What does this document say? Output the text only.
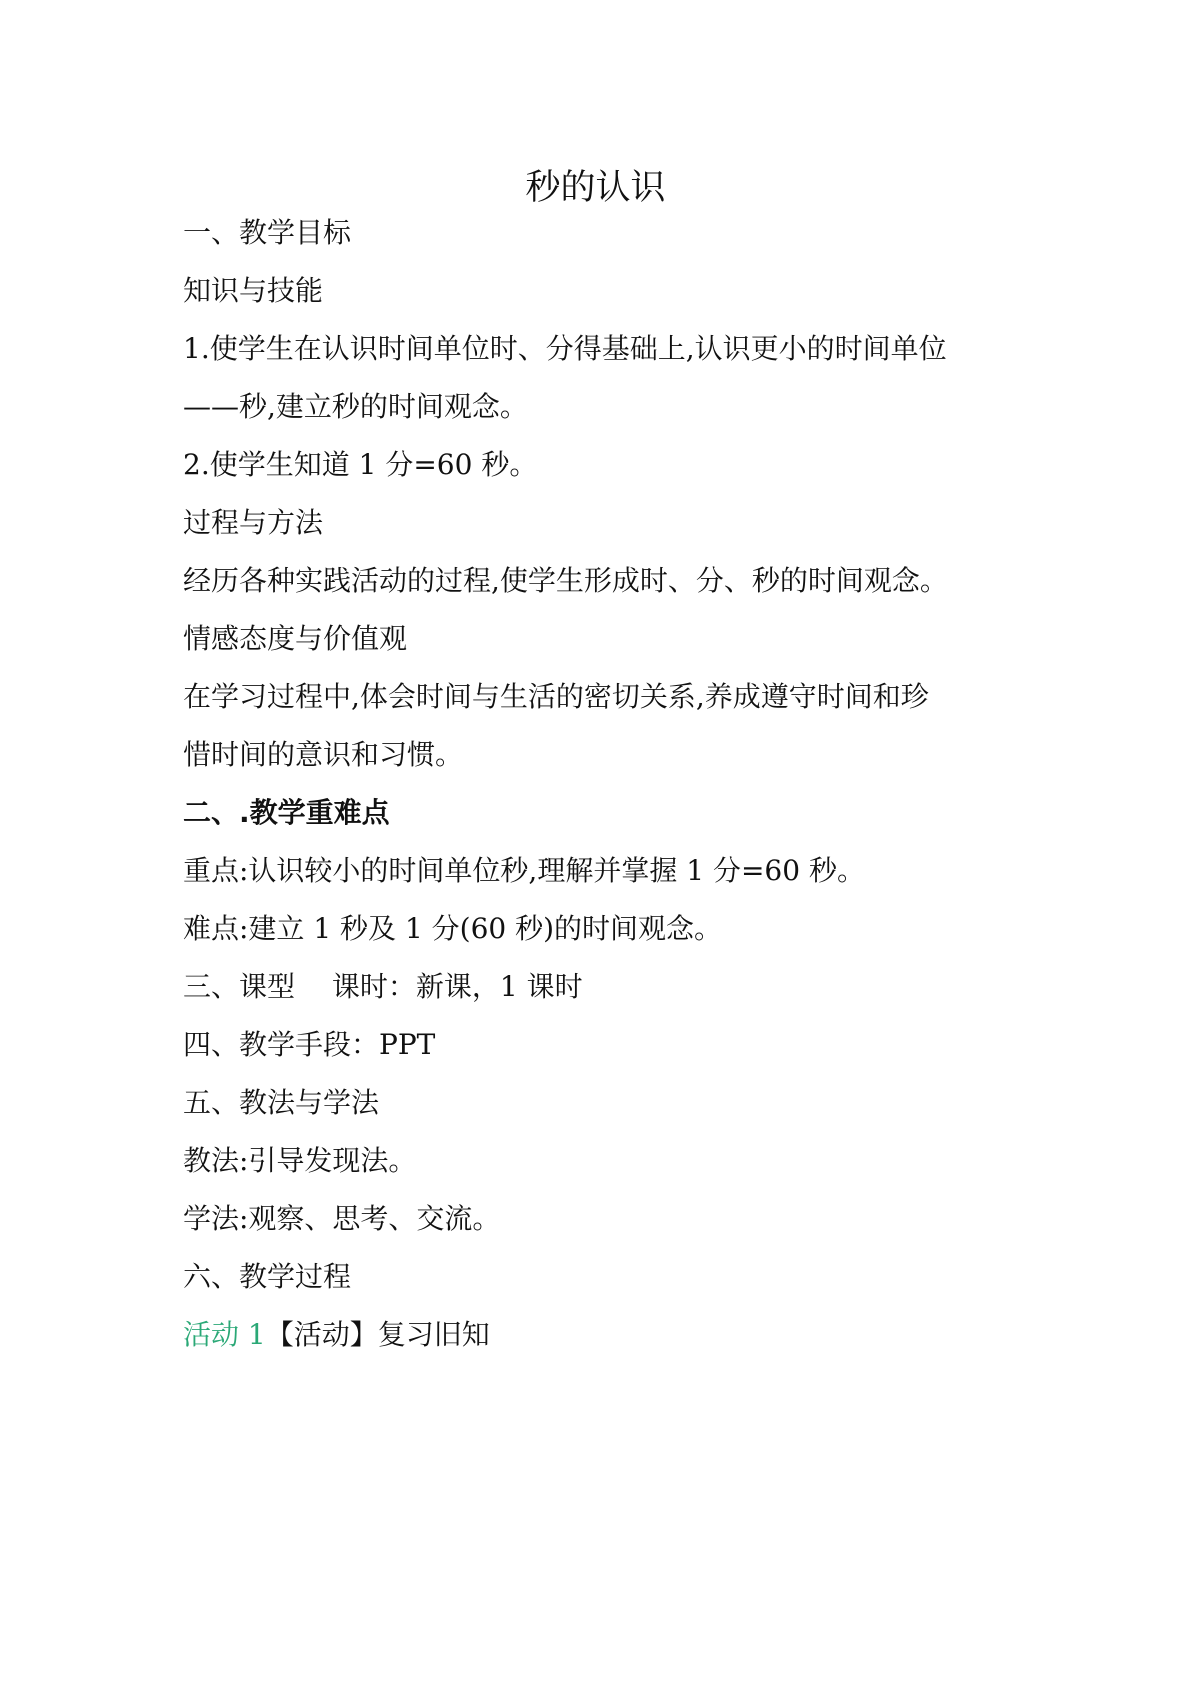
秒的认识
一、教学目标
知识与技能
1.使学生在认识时间单位时、分得基础上,认识更小的时间单位
——秒,建立秒的时间观念。
2.使学生知道 1 分=60 秒。
过程与方法
经历各种实践活动的过程,使学生形成时、分、秒的时间观念。
情感态度与价值观
在学习过程中,体会时间与生活的密切关系,养成遵守时间和珍
惜时间的意识和习惯。
二、.教学重难点
重点:认识较小的时间单位秒,理解并掌握 1 分=60 秒。
难点:建立 1 秒及 1 分(60 秒)的时间观念。
三、课型　 课时：新课，1 课时
四、教学手段：PPT
五、教法与学法
教法:引导发现法。
学法:观察、思考、交流。
六、教学过程
活动 1【活动】复习旧知
